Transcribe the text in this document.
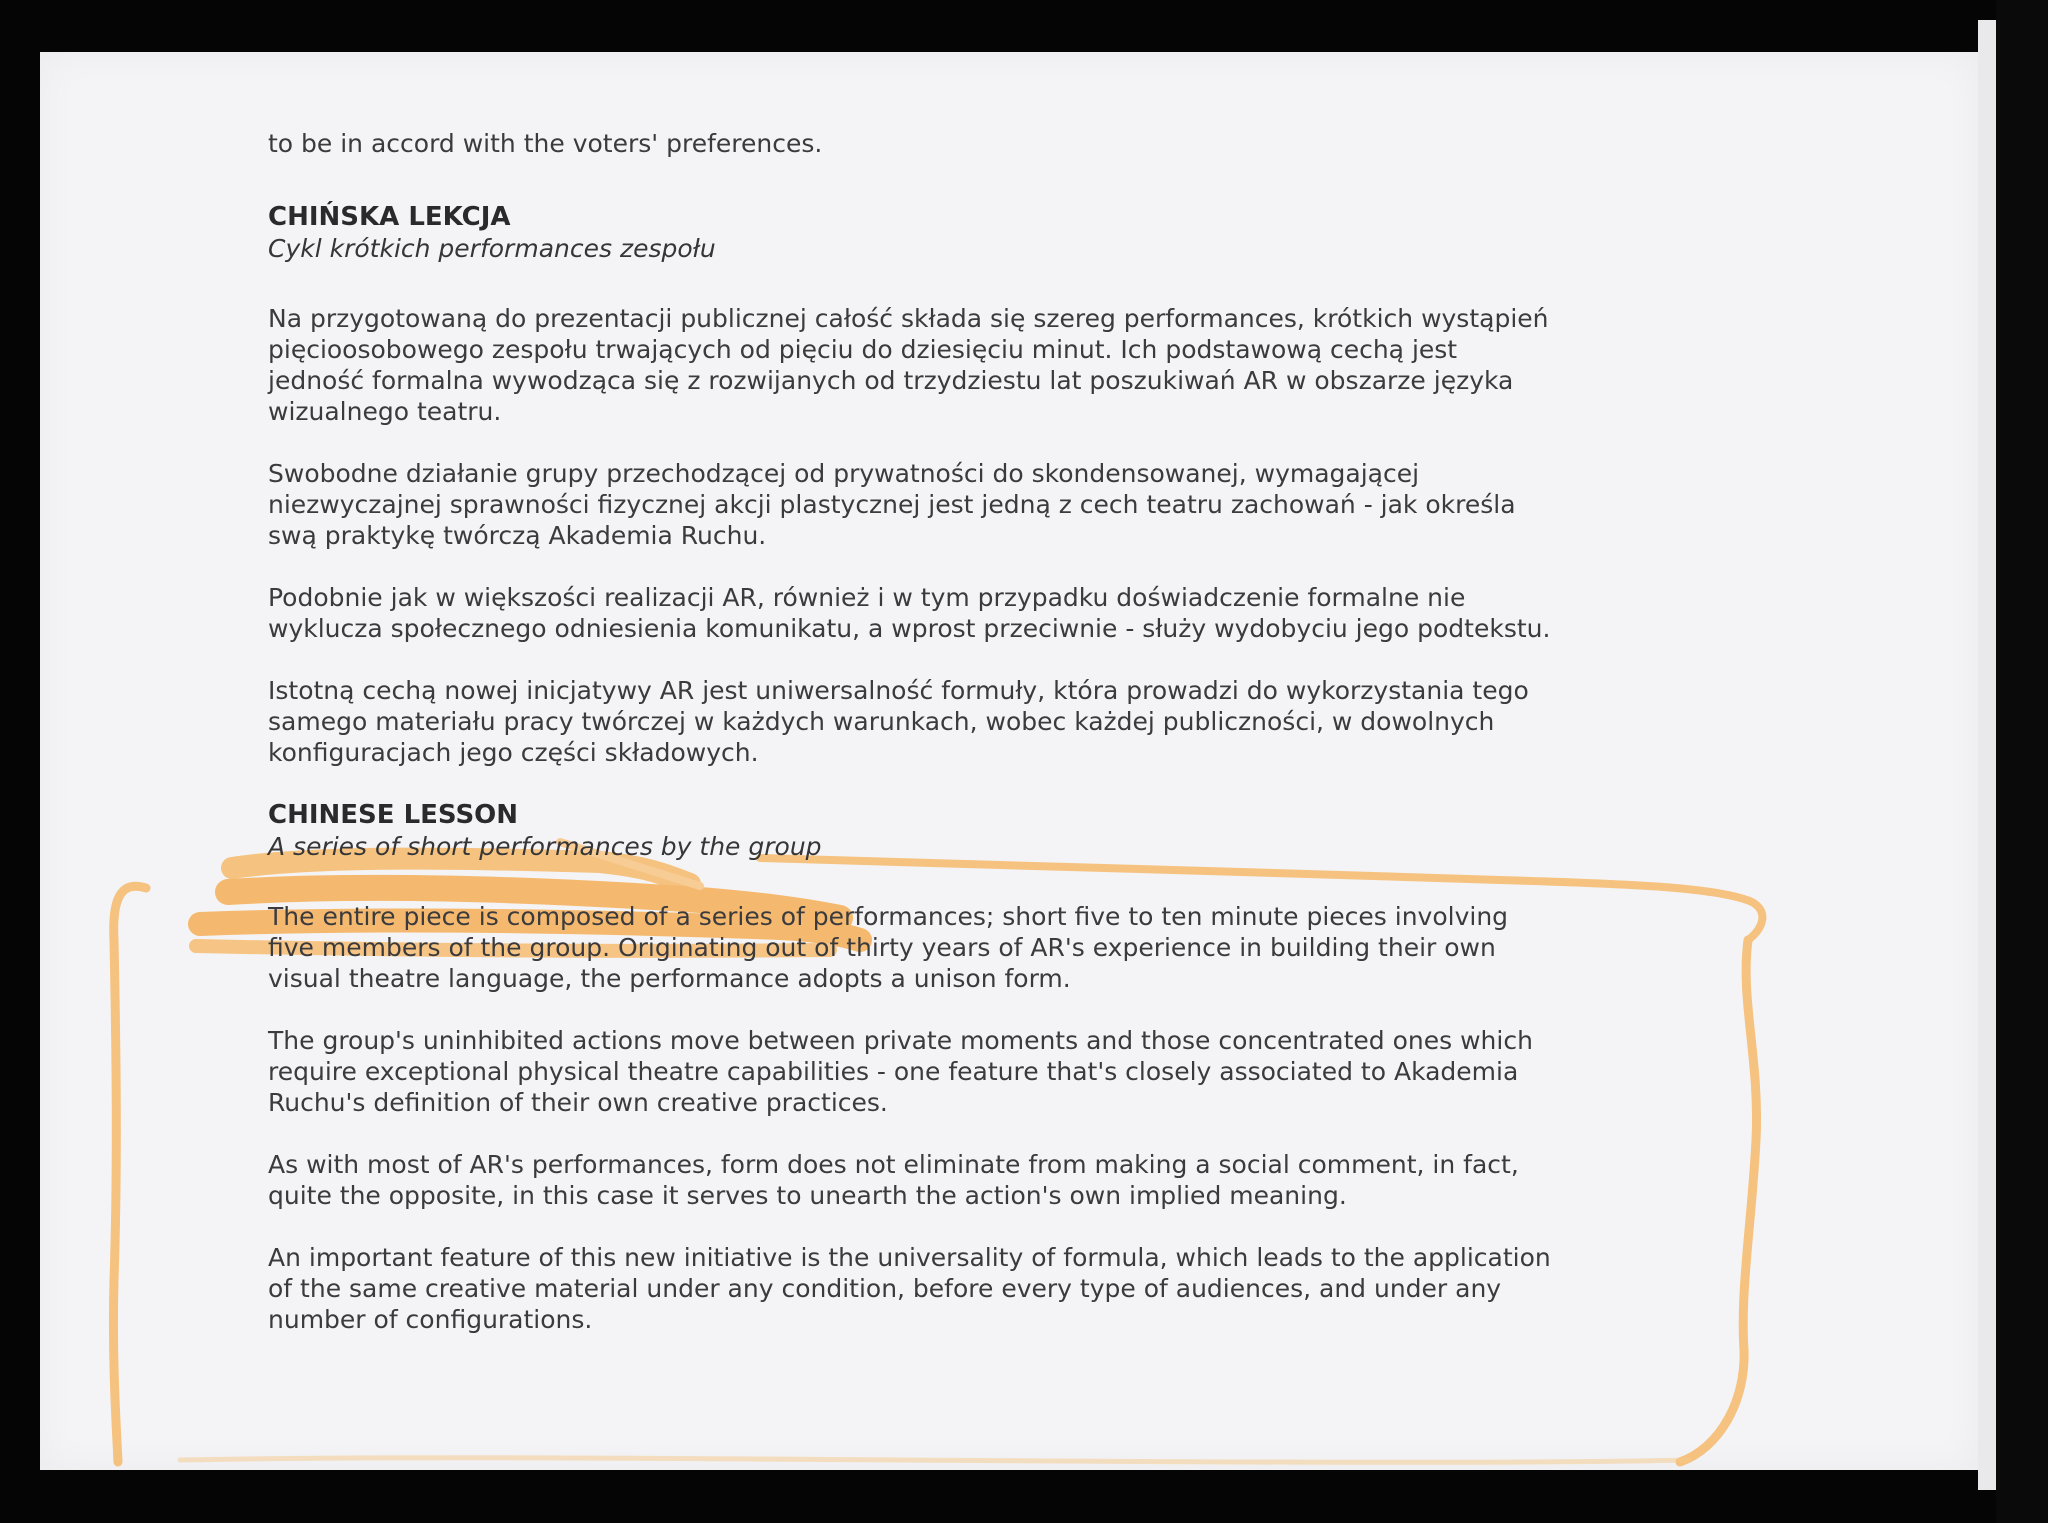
to be in accord with the voters' preferences.

CHIŃSKA LEKCJA
Cykl krótkich performances zespołu

Na przygotowaną do prezentacji publicznej całość składa się szereg performances, krótkich wystąpień

pięcioosobowego zespołu trwających od pięciu do dziesięciu minut. Ich podstawową cechą jest

jedność formalna wywodząca się z rozwijanych od trzydziestu lat poszukiwań AR w obszarze języka

wizualnego teatru.

Swobodne działanie grupy przechodzącej od prywatności do skondensowanej, wymagającej

niezwyczajnej sprawności fizycznej akcji plastycznej jest jedną z cech teatru zachowań - jak określa

swą praktykę twórczą Akademia Ruchu.

Podobnie jak w większości realizacji AR, również i w tym przypadku doświadczenie formalne nie

wyklucza społecznego odniesienia komunikatu, a wprost przeciwnie - służy wydobyciu jego podtekstu.

Istotną cechą nowej inicjatywy AR jest uniwersalność formuły, która prowadzi do wykorzystania tego

samego materiału pracy twórczej w każdych warunkach, wobec każdej publiczności, w dowolnych

konfiguracjach jego części składowych.

CHINESE LESSON
A series of short performances by the group

The entire piece is composed of a series of performances; short five to ten minute pieces involving

five members of the group. Originating out of thirty years of AR's experience in building their own

visual theatre language, the performance adopts a unison form.

The group's uninhibited actions move between private moments and those concentrated ones which

require exceptional physical theatre capabilities - one feature that's closely associated to Akademia

Ruchu's definition of their own creative practices.

As with most of AR's performances, form does not eliminate from making a social comment, in fact,

quite the opposite, in this case it serves to unearth the action's own implied meaning.

An important feature of this new initiative is the universality of formula, which leads to the application

of the same creative material under any condition, before every type of audiences, and under any

number of configurations.
